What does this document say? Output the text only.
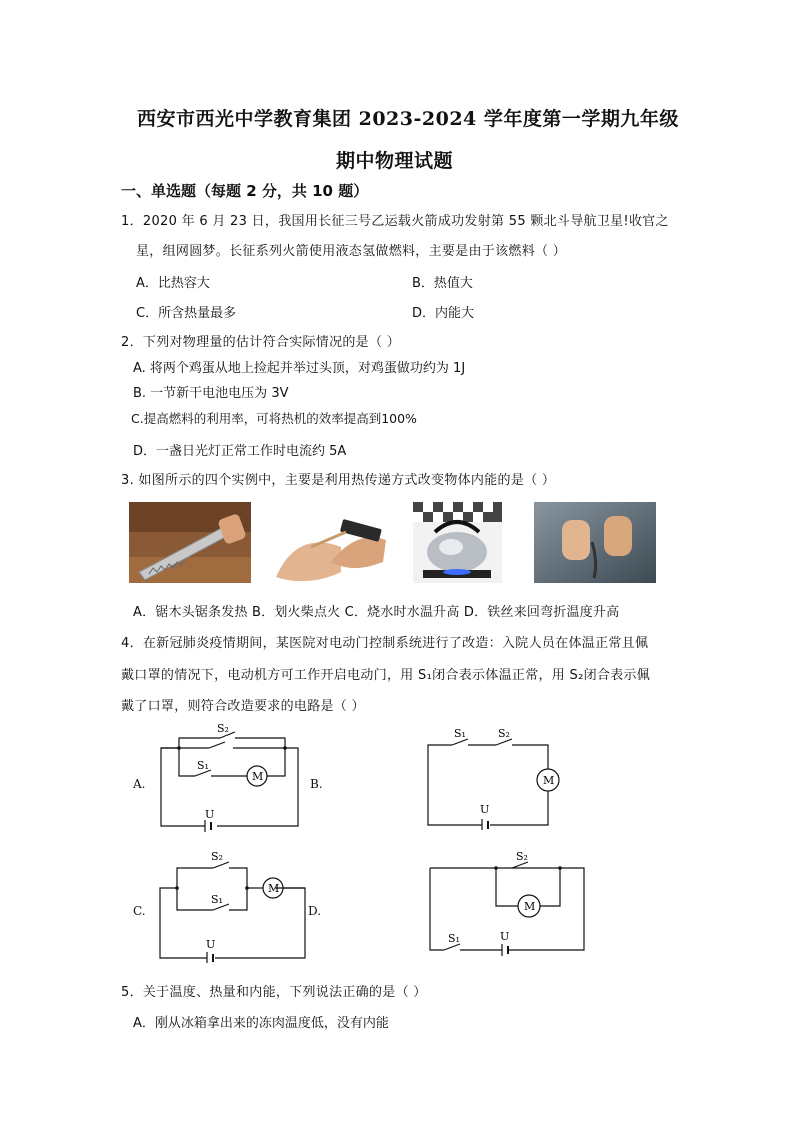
西安市西光中学教育集团 2023-2024 学年度第一学期九年级
期中物理试题
一、单选题（每题 2 分，共 10 题）
1．2020 年 6 月 23 日，我国用长征三号乙运载火箭成功发射第 55 颗北斗导航卫星!收官之
星，组网圆梦。长征系列火箭使用液态氢做燃料，主要是由于该燃料（ ）
A．比热容大	B．热值大
C．所含热量最多	D．内能大
2．下列对物理量的估计符合实际情况的是（ ）
A. 将两个鸡蛋从地上捡起并举过头顶，对鸡蛋做功约为 1J
B. 一节新干电池电压为 3V
C.提高燃料的利用率，可将热机的效率提高到100%
D．一盏日光灯正常工作时电流约 5A
3. 如图所示的四个实例中，主要是利用热传递方式改变物体内能的是（ ）
A．锯木头锯条发热 B．划火柴点火 C．烧水时水温升高 D．铁丝来回弯折温度升高
4．在新冠肺炎疫情期间，某医院对电动门控制系统进行了改造：入院人员在体温正常且佩
戴口罩的情况下，电动机方可工作开启电动门，用 S₁闭合表示体温正常，用 S₂闭合表示佩
戴了口罩，则符合改造要求的电路是（ ）
A.	B.
C.	D.
S₂
S₁
M
U
S₁	S₂
M
U
S₂
S₁
M
U
S₂
M
S₁	U
5．关于温度、热量和内能，下列说法正确的是（ ）
A．刚从冰箱拿出来的冻肉温度低，没有内能
